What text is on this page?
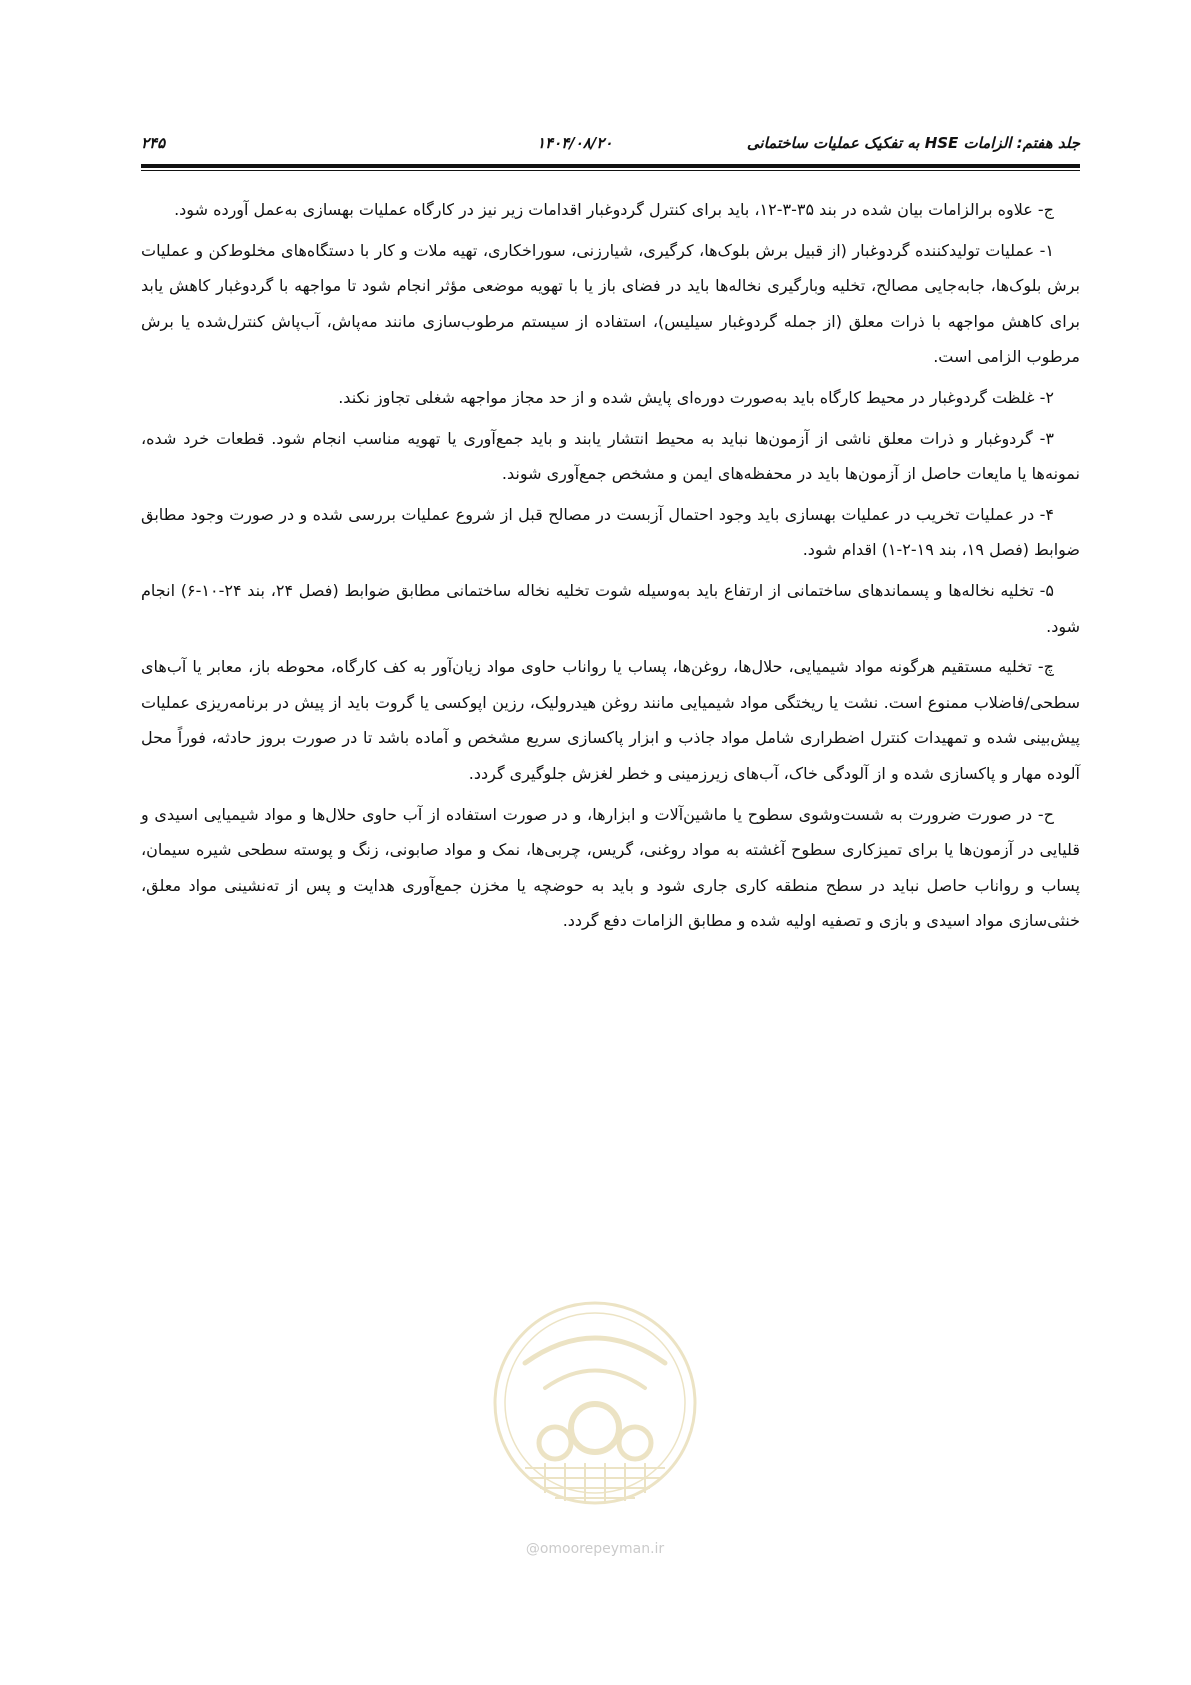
جلد هفتم: الزامات HSE به تفکیک عملیات ساختمانی
۱۴۰۴/۰۸/۲۰
۲۴۵

ج- علاوه برالزامات بیان شده در بند ۳۵-۳-۱۲، باید برای کنترل گردوغبار اقدامات زیر نیز در کارگاه عملیات بهسازی به‌عمل آورده شود.

۱- عملیات تولیدکننده گردوغبار (از قبیل برش بلوک‌ها، کرگیری، شیارزنی، سوراخکاری، تهیه ملات و کار با دستگاه‌های مخلوط‌کن و عملیات برش بلوک‌ها، جابه‌جایی مصالح، تخلیه وبارگیری نخاله‌ها باید در فضای باز یا با تهویه موضعی مؤثر انجام شود تا مواجهه با گردوغبار کاهش یابد برای کاهش مواجهه با ذرات معلق (از جمله گردوغبار سیلیس)، استفاده از سیستم مرطوب‌سازی مانند مه‌پاش، آب‌پاش کنترل‌شده یا برش مرطوب الزامی است.

۲- غلظت گردوغبار در محیط کارگاه باید به‌صورت دوره‌ای پایش شده و از حد مجاز مواجهه شغلی تجاوز نکند.

۳- گردوغبار و ذرات معلق ناشی از آزمون‌ها نباید به محیط انتشار یابند و باید جمع‌آوری یا تهویه مناسب انجام شود. قطعات خرد شده، نمونه‌ها یا مایعات حاصل از آزمون‌ها باید در محفظه‌های ایمن و مشخص جمع‌آوری شوند.

۴- در عملیات تخریب در عملیات بهسازی باید وجود احتمال آزبست در مصالح قبل از شروع عملیات بررسی شده و در صورت وجود مطابق ضوابط (فصل ۱۹، بند ۱۹-۲-۱) اقدام شود.

۵- تخلیه نخاله‌ها و پسماندهای ساختمانی از ارتفاع باید به‌وسیله شوت تخلیه نخاله ساختمانی مطابق ضوابط (فصل ۲۴، بند ۲۴-۱۰-۶) انجام شود.

چ- تخلیه مستقیم هرگونه مواد شیمیایی، حلال‌ها، روغن‌ها، پساب یا رواناب حاوی مواد زیان‌آور به کف کارگاه، محوطه باز، معابر یا آب‌های سطحی/فاضلاب ممنوع است. نشت یا ریختگی مواد شیمیایی مانند روغن هیدرولیک، رزین اپوکسی یا گروت باید از پیش در برنامه‌ریزی عملیات پیش‌بینی شده و تمهیدات کنترل اضطراری شامل مواد جاذب و ابزار پاکسازی سریع مشخص و آماده باشد تا در صورت بروز حادثه، فوراً محل آلوده مهار و پاکسازی شده و از آلودگی خاک، آب‌های زیرزمینی و خطر لغزش جلوگیری گردد.

ح- در صورت ضرورت به شست‌وشوی سطوح یا ماشین‌آلات و ابزارها، و در صورت استفاده از آب حاوی حلال‌ها و مواد شیمیایی اسیدی و قلیایی در آزمون‌ها یا برای تمیزکاری سطوح آغشته به مواد روغنی، گریس، چربی‌ها، نمک و مواد صابونی، زنگ و پوسته سطحی شیره سیمان، پساب و رواناب حاصل نباید در سطح منطقه کاری جاری شود و باید به حوضچه یا مخزن جمع‌آوری هدایت و پس از ته‌نشینی مواد معلق، خنثی‌سازی مواد اسیدی و بازی و تصفیه اولیه شده و مطابق الزامات دفع گردد.

@omoorepeyman.ir
